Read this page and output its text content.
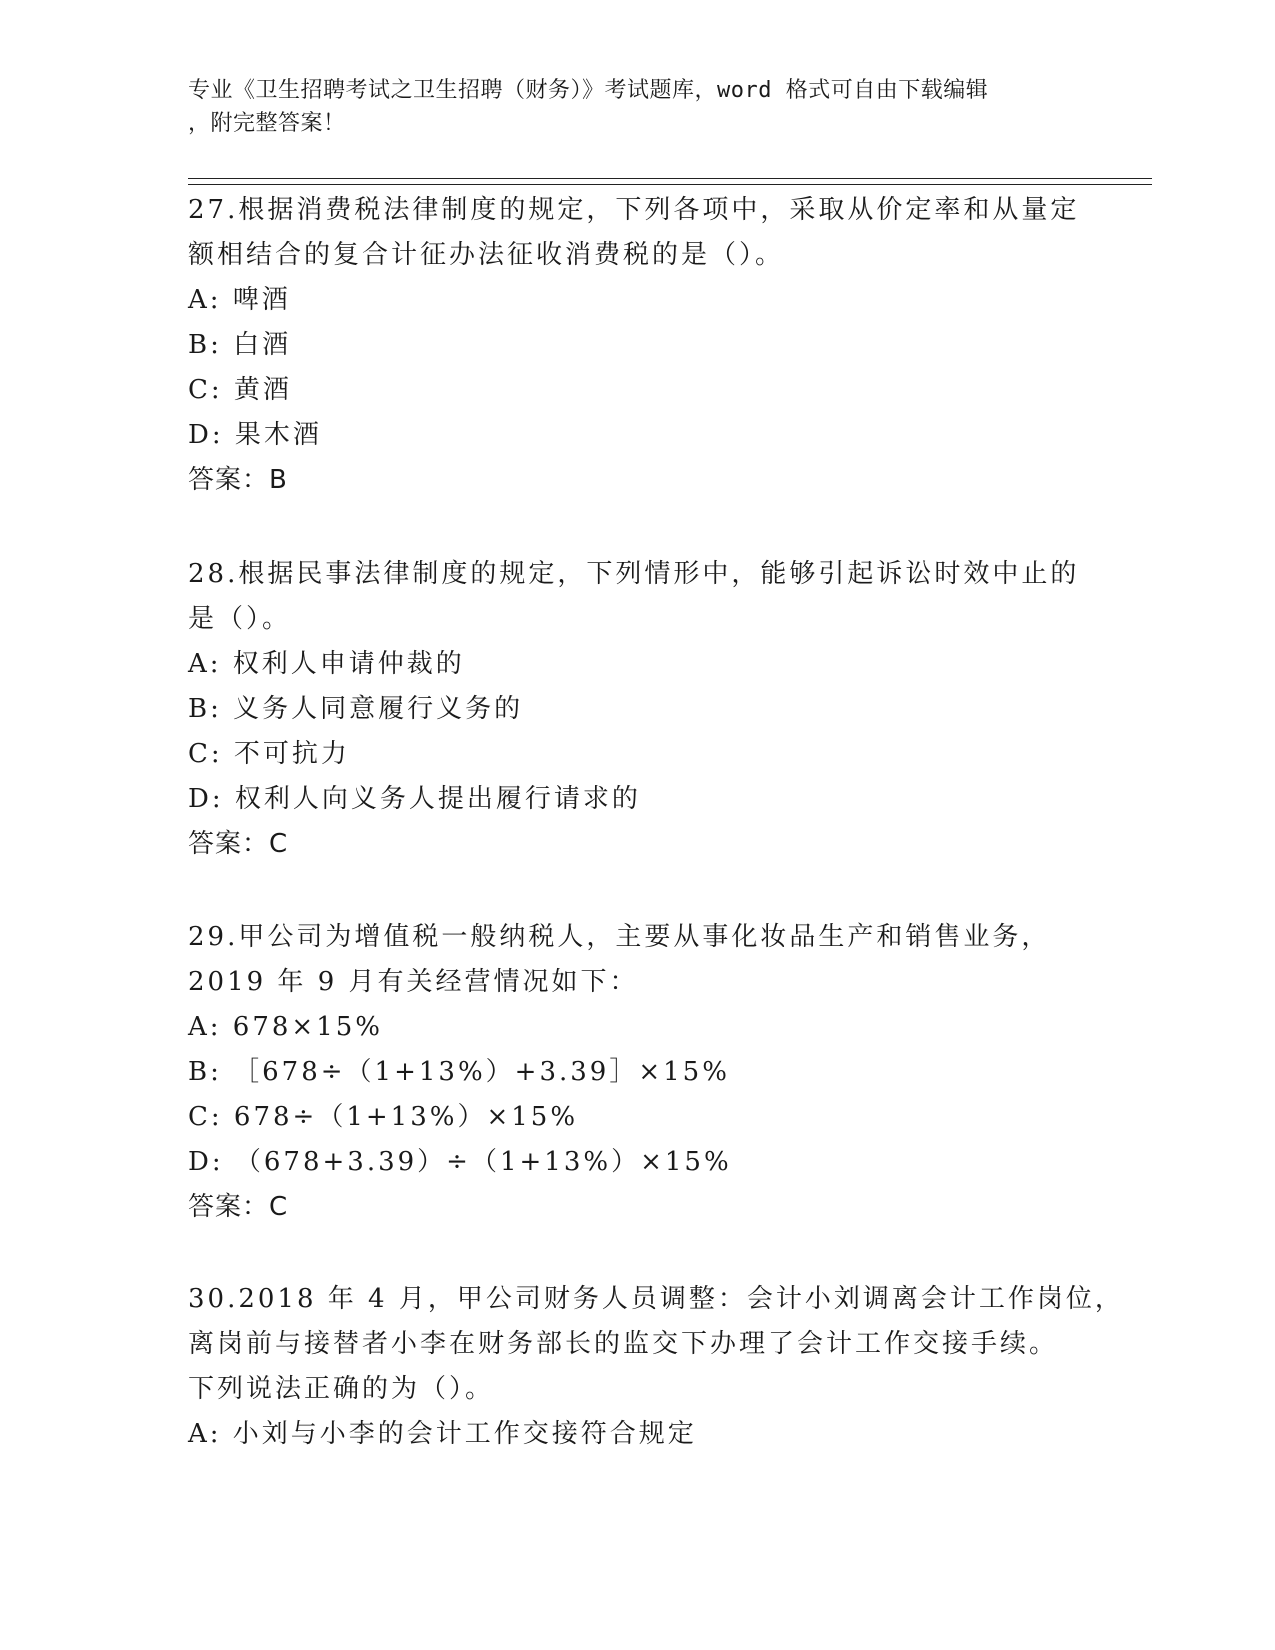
专业《卫生招聘考试之卫生招聘（财务）》考试题库，word 格式可自由下载编辑
，附完整答案！
27.根据消费税法律制度的规定，下列各项中，采取从价定率和从量定
额相结合的复合计征办法征收消费税的是（）。
A: 啤酒
B: 白酒
C: 黄酒
D: 果木酒
答案：B
28.根据民事法律制度的规定，下列情形中，能够引起诉讼时效中止的
是（）。
A: 权利人申请仲裁的
B: 义务人同意履行义务的
C: 不可抗力
D: 权利人向义务人提出履行请求的
答案：C
29.甲公司为增值税一般纳税人，主要从事化妆品生产和销售业务，
2019 年 9 月有关经营情况如下：
A: 678×15%
B: ［678÷（1+13%）+3.39］×15%
C: 678÷（1+13%）×15%
D: （678+3.39）÷（1+13%）×15%
答案：C
30.2018 年 4 月，甲公司财务人员调整：会计小刘调离会计工作岗位，
离岗前与接替者小李在财务部长的监交下办理了会计工作交接手续。
下列说法正确的为（）。
A: 小刘与小李的会计工作交接符合规定
